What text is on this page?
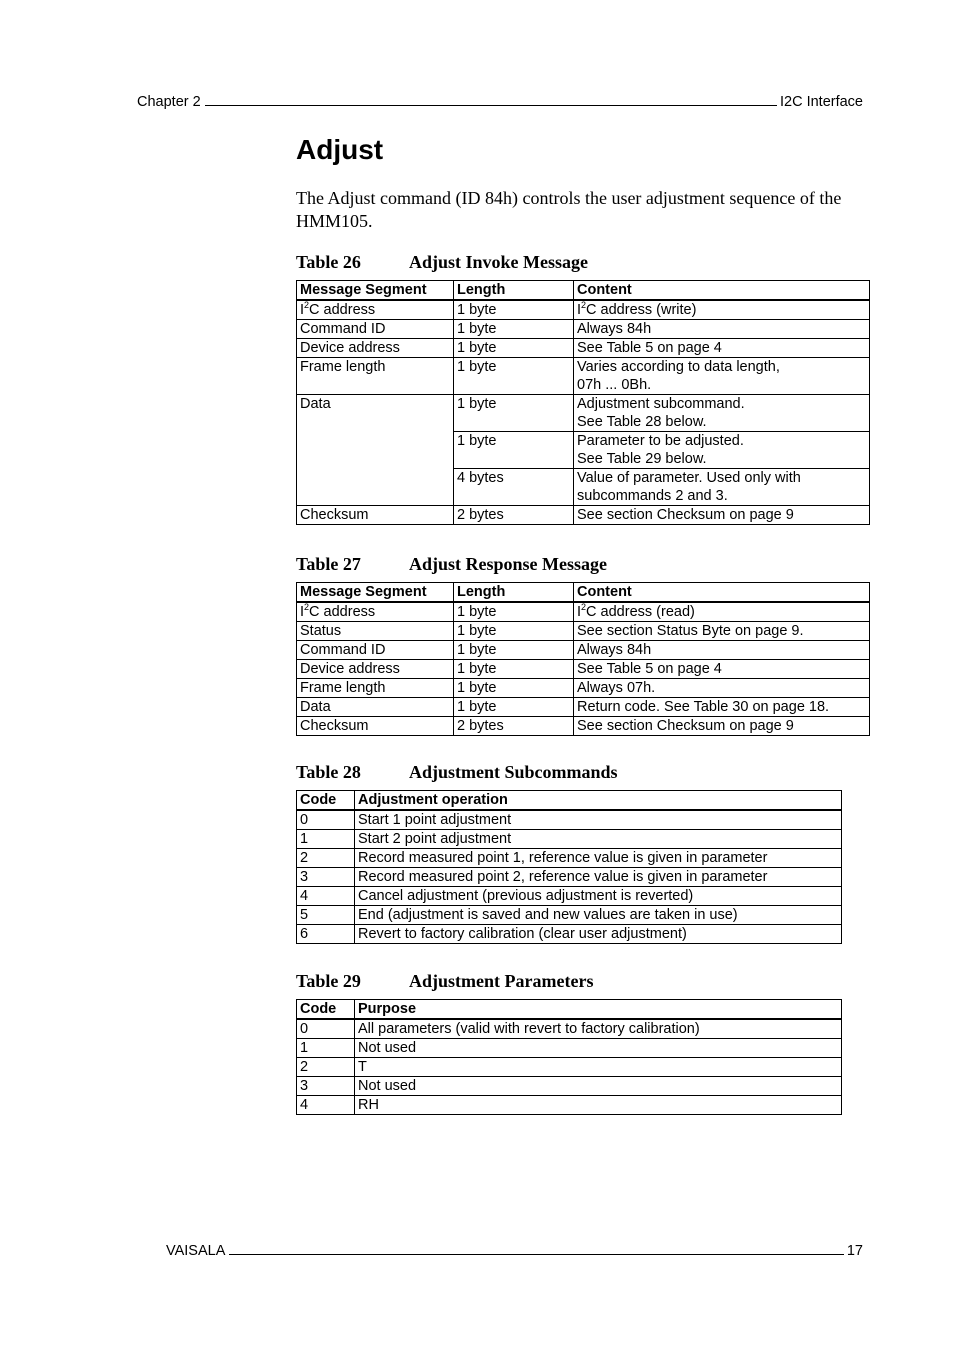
Chapter 2	I2C Interface
Adjust

The Adjust command (ID 84h) controls the user adjustment sequence of the HMM105.

Table 26	Adjust Invoke Message
Message Segment	Length	Content
$I^2C$ address	1 byte	$I^2C$ address (write)
Command ID	1 byte	Always 84h
Device address	1 byte	See Table 5 on page 4
Frame length	1 byte	Varies according to data length,
07h ... 0Bh.
Data	1 byte	Adjustment subcommand.
See Table 28 below.
	1 byte	Parameter to be adjusted.
See Table 29 below.
	4 bytes	Value of parameter. Used only with
subcommands 2 and 3.
Checksum	2 bytes	See section Checksum on page 9
Table 27	Adjust Response Message
Message Segment	Length	Content
$I^2C$ address	1 byte	$I^2C$ address (read)
Status	1 byte	See section Status Byte on page 9.
Command ID	1 byte	Always 84h
Device address	1 byte	See Table 5 on page 4
Frame length	1 byte	Always 07h.
Data	1 byte	Return code. See Table 30 on page 18.
Checksum	2 bytes	See section Checksum on page 9
Table 28	Adjustment Subcommands
Code	Adjustment operation
0	Start 1 point adjustment
1	Start 2 point adjustment
2	Record measured point 1, reference value is given in parameter
3	Record measured point 2, reference value is given in parameter
4	Cancel adjustment (previous adjustment is reverted)
5	End (adjustment is saved and new values are taken in use)
6	Revert to factory calibration (clear user adjustment)
Table 29	Adjustment Parameters
Code	Purpose
0	All parameters (valid with revert to factory calibration)
1	Not used
2	T
3	Not used
4	RH
VAISALA	17
